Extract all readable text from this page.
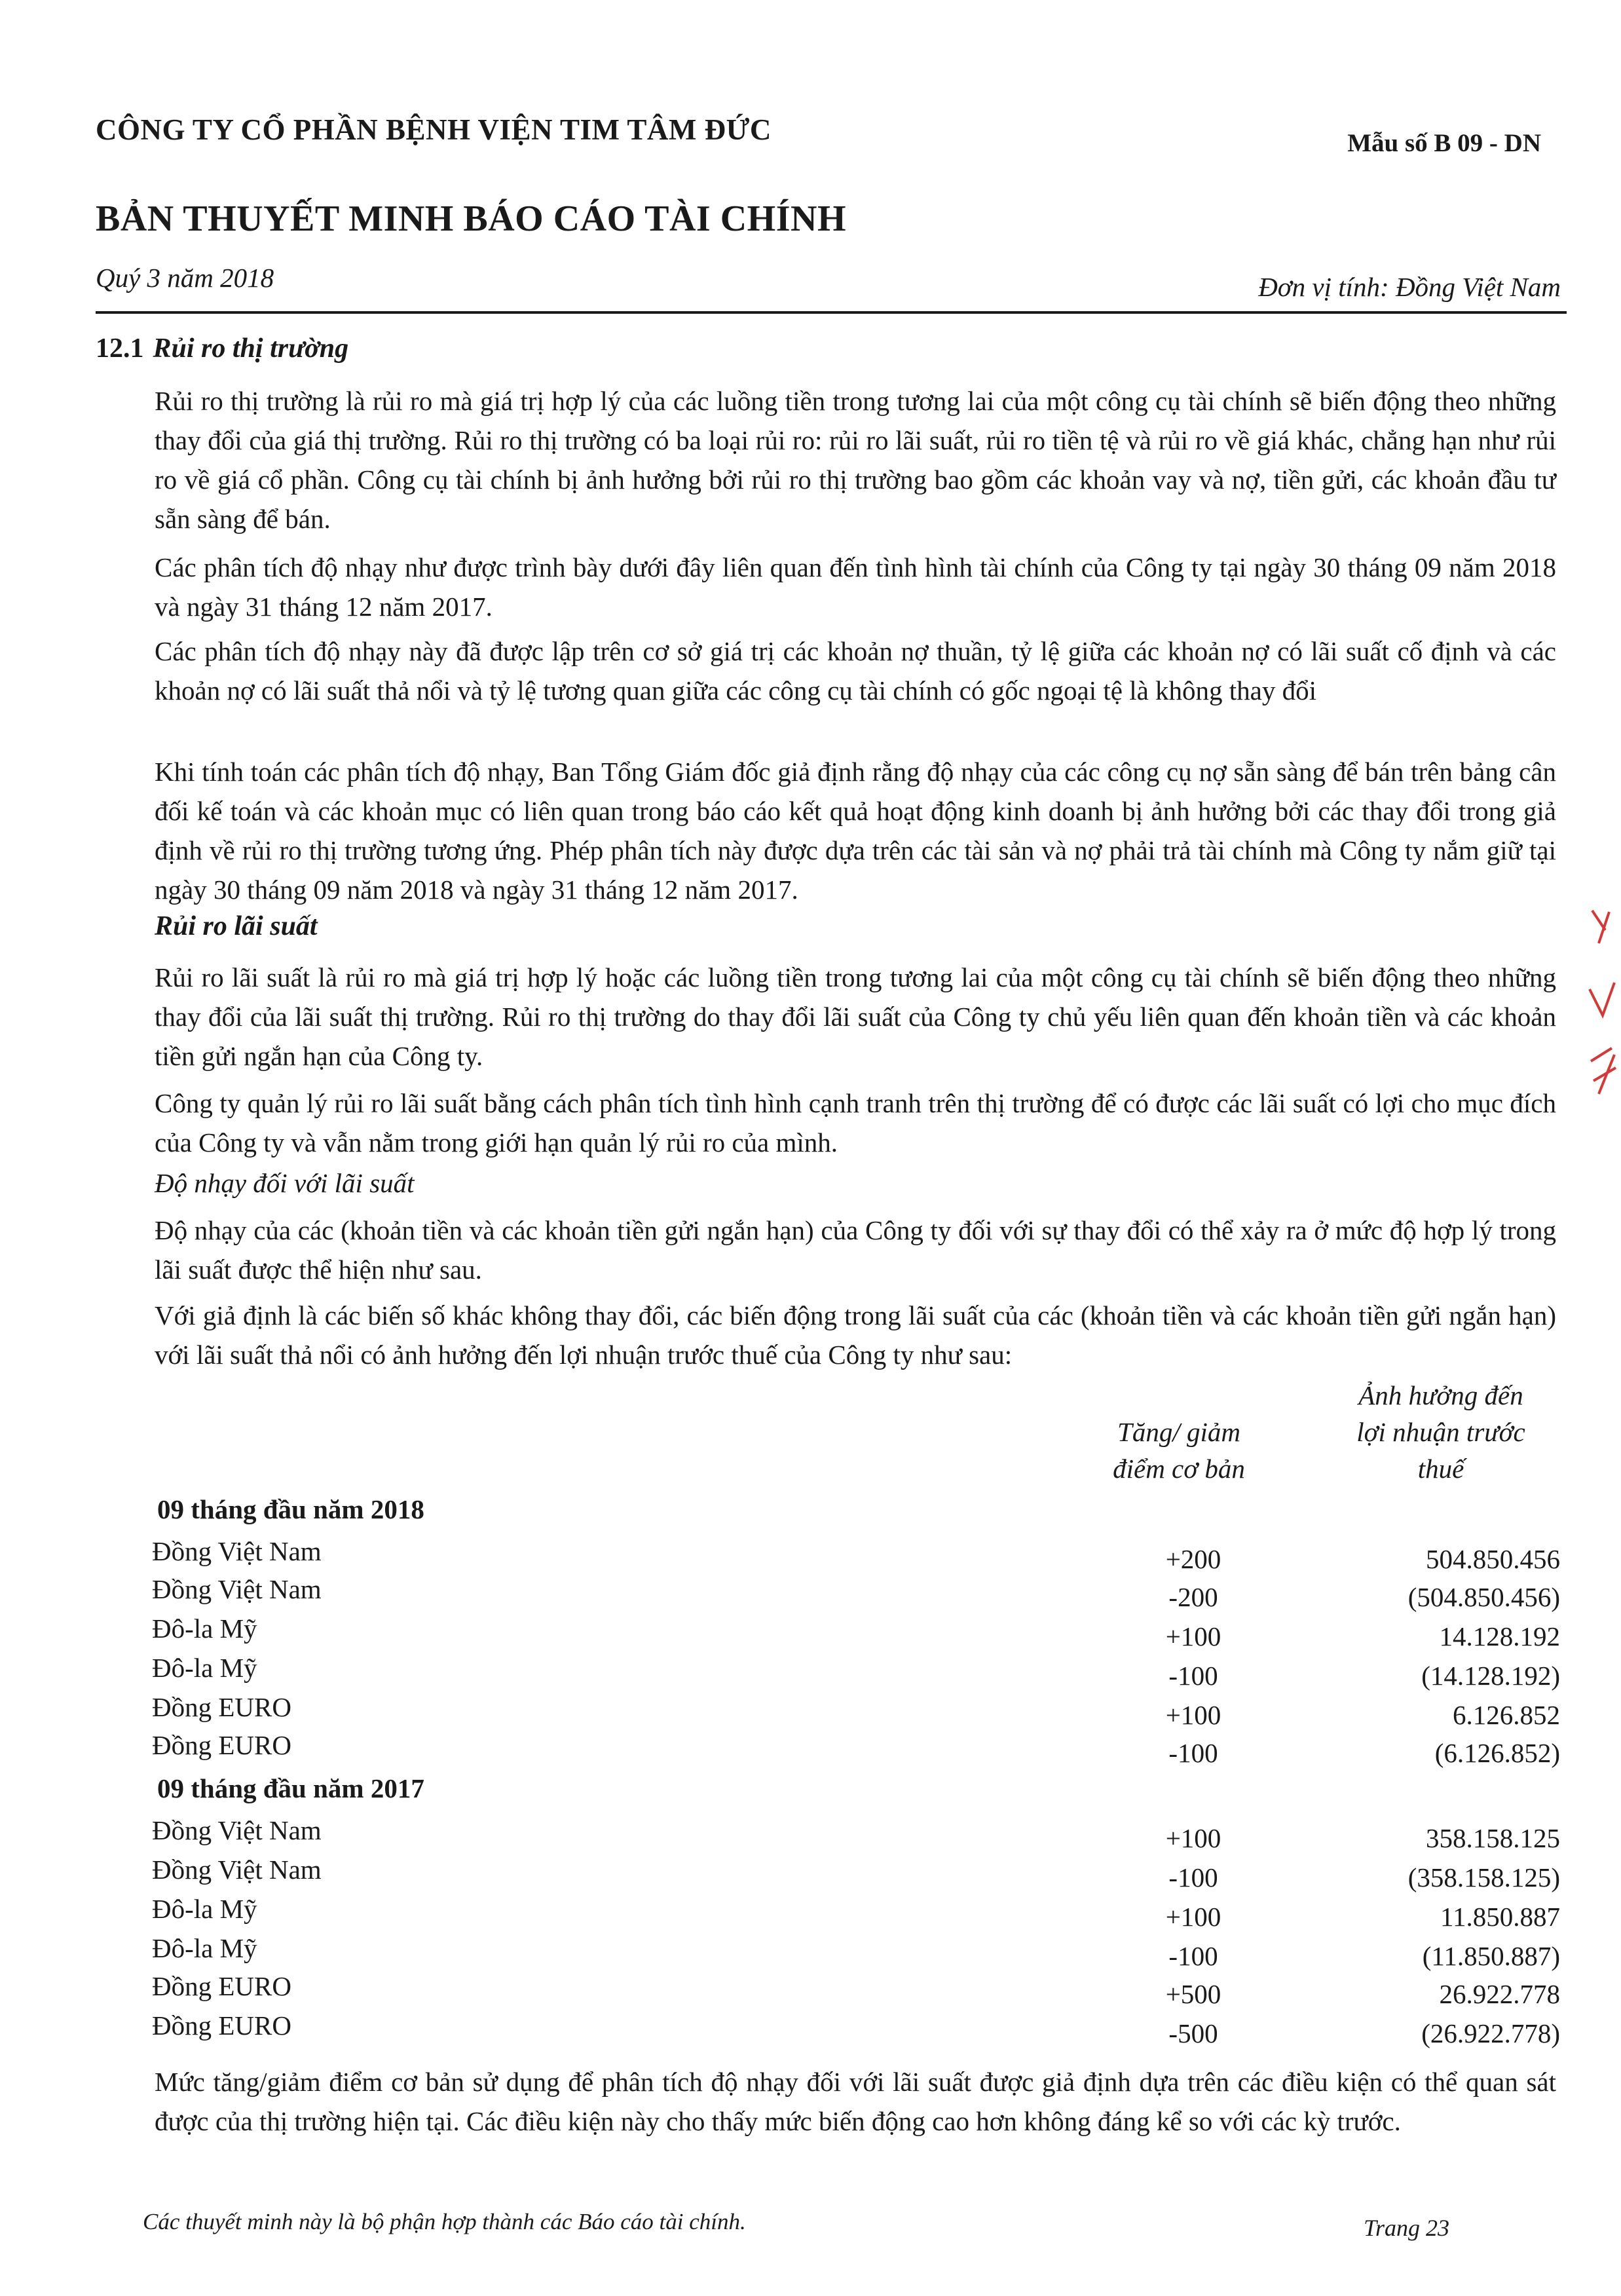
CÔNG TY CỔ PHẦN BỆNH VIỆN TIM TÂM ĐỨC	Mẫu số B 09 - DN
BẢN THUYẾT MINH BÁO CÁO TÀI CHÍNH
Quý 3 năm 2018	Đơn vị tính: Đồng Việt Nam
12.1 Rủi ro thị trường
Rủi ro thị trường là rủi ro mà giá trị hợp lý của các luồng tiền trong tương lai của một công cụ tài chính sẽ biến động theo những thay đổi của giá thị trường. Rủi ro thị trường có ba loại rủi ro: rủi ro lãi suất, rủi ro tiền tệ và rủi ro về giá khác, chẳng hạn như rủi ro về giá cổ phần. Công cụ tài chính bị ảnh hưởng bởi rủi ro thị trường bao gồm các khoản vay và nợ, tiền gửi, các khoản đầu tư sẵn sàng để bán.
Các phân tích độ nhạy như được trình bày dưới đây liên quan đến tình hình tài chính của Công ty tại ngày 30 tháng 09 năm 2018 và ngày 31 tháng 12 năm 2017.
Các phân tích độ nhạy này đã được lập trên cơ sở giá trị các khoản nợ thuần, tỷ lệ giữa các khoản nợ có lãi suất cố định và các khoản nợ có lãi suất thả nổi và tỷ lệ tương quan giữa các công cụ tài chính có gốc ngoại tệ là không thay đổi
Khi tính toán các phân tích độ nhạy, Ban Tổng Giám đốc giả định rằng độ nhạy của các công cụ nợ sẵn sàng để bán trên bảng cân đối kế toán và các khoản mục có liên quan trong báo cáo kết quả hoạt động kinh doanh bị ảnh hưởng bởi các thay đổi trong giả định về rủi ro thị trường tương ứng. Phép phân tích này được dựa trên các tài sản và nợ phải trả tài chính mà Công ty nắm giữ tại ngày 30 tháng 09 năm 2018 và ngày 31 tháng 12 năm 2017.
Rủi ro lãi suất
Rủi ro lãi suất là rủi ro mà giá trị hợp lý hoặc các luồng tiền trong tương lai của một công cụ tài chính sẽ biến động theo những thay đổi của lãi suất thị trường. Rủi ro thị trường do thay đổi lãi suất của Công ty chủ yếu liên quan đến khoản tiền và các khoản tiền gửi ngắn hạn của Công ty.
Công ty quản lý rủi ro lãi suất bằng cách phân tích tình hình cạnh tranh trên thị trường để có được các lãi suất có lợi cho mục đích của Công ty và vẫn nằm trong giới hạn quản lý rủi ro của mình.
Độ nhạy đối với lãi suất
Độ nhạy của các (khoản tiền và các khoản tiền gửi ngắn hạn) của Công ty đối với sự thay đổi có thể xảy ra ở mức độ hợp lý trong lãi suất được thể hiện như sau.
Với giả định là các biến số khác không thay đổi, các biến động trong lãi suất của các (khoản tiền và các khoản tiền gửi ngắn hạn) với lãi suất thả nổi có ảnh hưởng đến lợi nhuận trước thuế của Công ty như sau:
Tăng/ giảm
điểm cơ bản
Ảnh hưởng đến
lợi nhuận trước
thuế
09 tháng đầu năm 2018
Đồng Việt Nam	+200	504.850.456
Đồng Việt Nam	-200	(504.850.456)
Đô-la Mỹ	+100	14.128.192
Đô-la Mỹ	-100	(14.128.192)
Đồng EURO	+100	6.126.852
Đồng EURO	-100	(6.126.852)
09 tháng đầu năm 2017
Đồng Việt Nam	+100	358.158.125
Đồng Việt Nam	-100	(358.158.125)
Đô-la Mỹ	+100	11.850.887
Đô-la Mỹ	-100	(11.850.887)
Đồng EURO	+500	26.922.778
Đồng EURO	-500	(26.922.778)
Mức tăng/giảm điểm cơ bản sử dụng để phân tích độ nhạy đối với lãi suất được giả định dựa trên các điều kiện có thể quan sát được của thị trường hiện tại. Các điều kiện này cho thấy mức biến động cao hơn không đáng kể so với các kỳ trước.
Các thuyết minh này là bộ phận hợp thành các Báo cáo tài chính.	Trang 23
